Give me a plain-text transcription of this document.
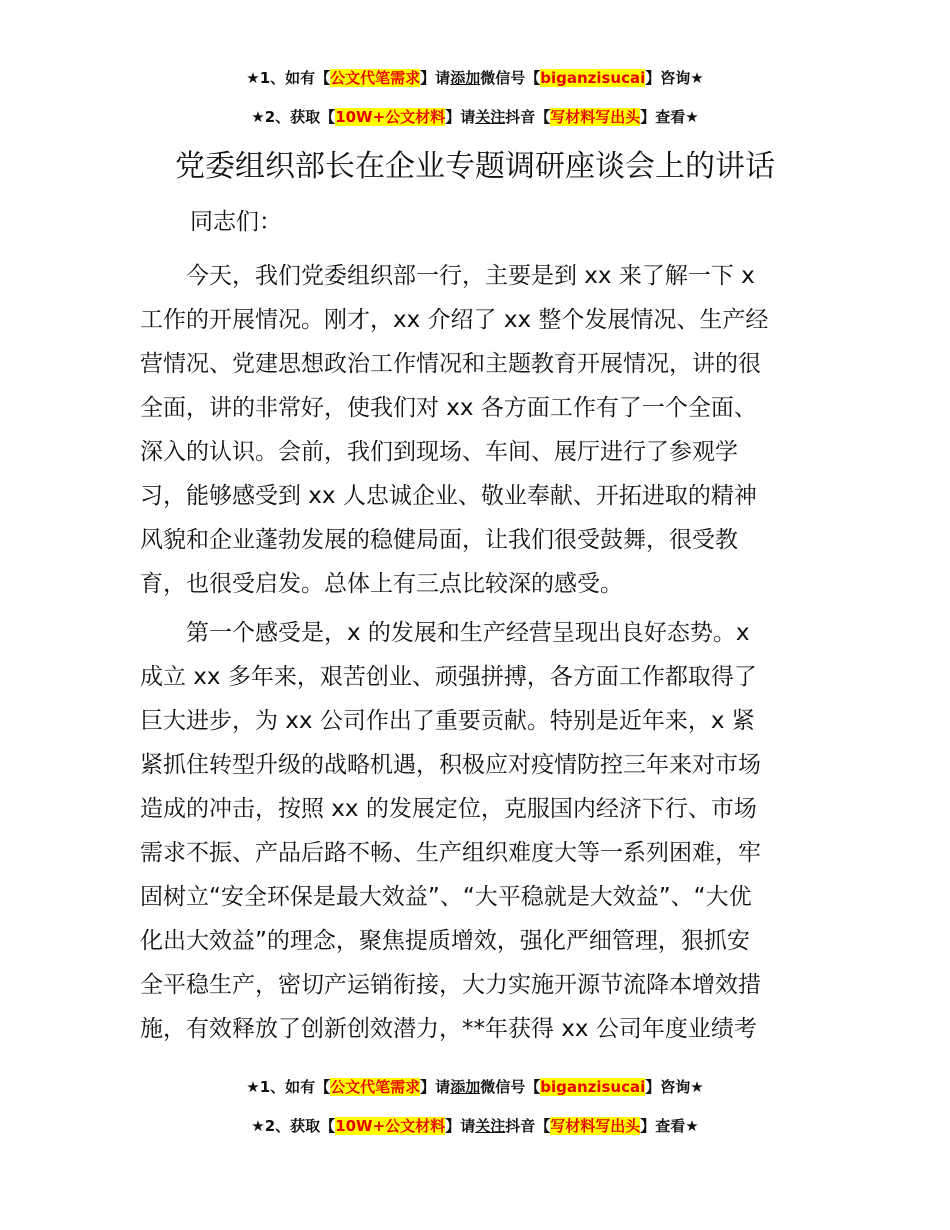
★1、如有【公文代笔需求】请添加微信号【biganzisucai】咨询★
★2、获取【10W+公文材料】请关注抖音【写材料写出头】查看★
党委组织部长在企业专题调研座谈会上的讲话
同志们：
　　今天，我们党委组织部一行，主要是到 xx 来了解一下 x
工作的开展情况。刚才，xx 介绍了 xx 整个发展情况、生产经
营情况、党建思想政治工作情况和主题教育开展情况，讲的很
全面，讲的非常好，使我们对 xx 各方面工作有了一个全面、
深入的认识。会前，我们到现场、车间、展厅进行了参观学
习，能够感受到 xx 人忠诚企业、敬业奉献、开拓进取的精神
风貌和企业蓬勃发展的稳健局面，让我们很受鼓舞，很受教
育，也很受启发。总体上有三点比较深的感受。
　　第一个感受是，x 的发展和生产经营呈现出良好态势。x
成立 xx 多年来，艰苦创业、顽强拼搏，各方面工作都取得了
巨大进步，为 xx 公司作出了重要贡献。特别是近年来，x 紧
紧抓住转型升级的战略机遇，积极应对疫情防控三年来对市场
造成的冲击，按照 xx 的发展定位，克服国内经济下行、市场
需求不振、产品后路不畅、生产组织难度大等一系列困难，牢
固树立“安全环保是最大效益”、“大平稳就是大效益”、“大优
化出大效益”的理念，聚焦提质增效，强化严细管理，狠抓安
全平稳生产，密切产运销衔接，大力实施开源节流降本增效措
施，有效释放了创新创效潜力，**年获得 xx 公司年度业绩考
★1、如有【公文代笔需求】请添加微信号【biganzisucai】咨询★
★2、获取【10W+公文材料】请关注抖音【写材料写出头】查看★
